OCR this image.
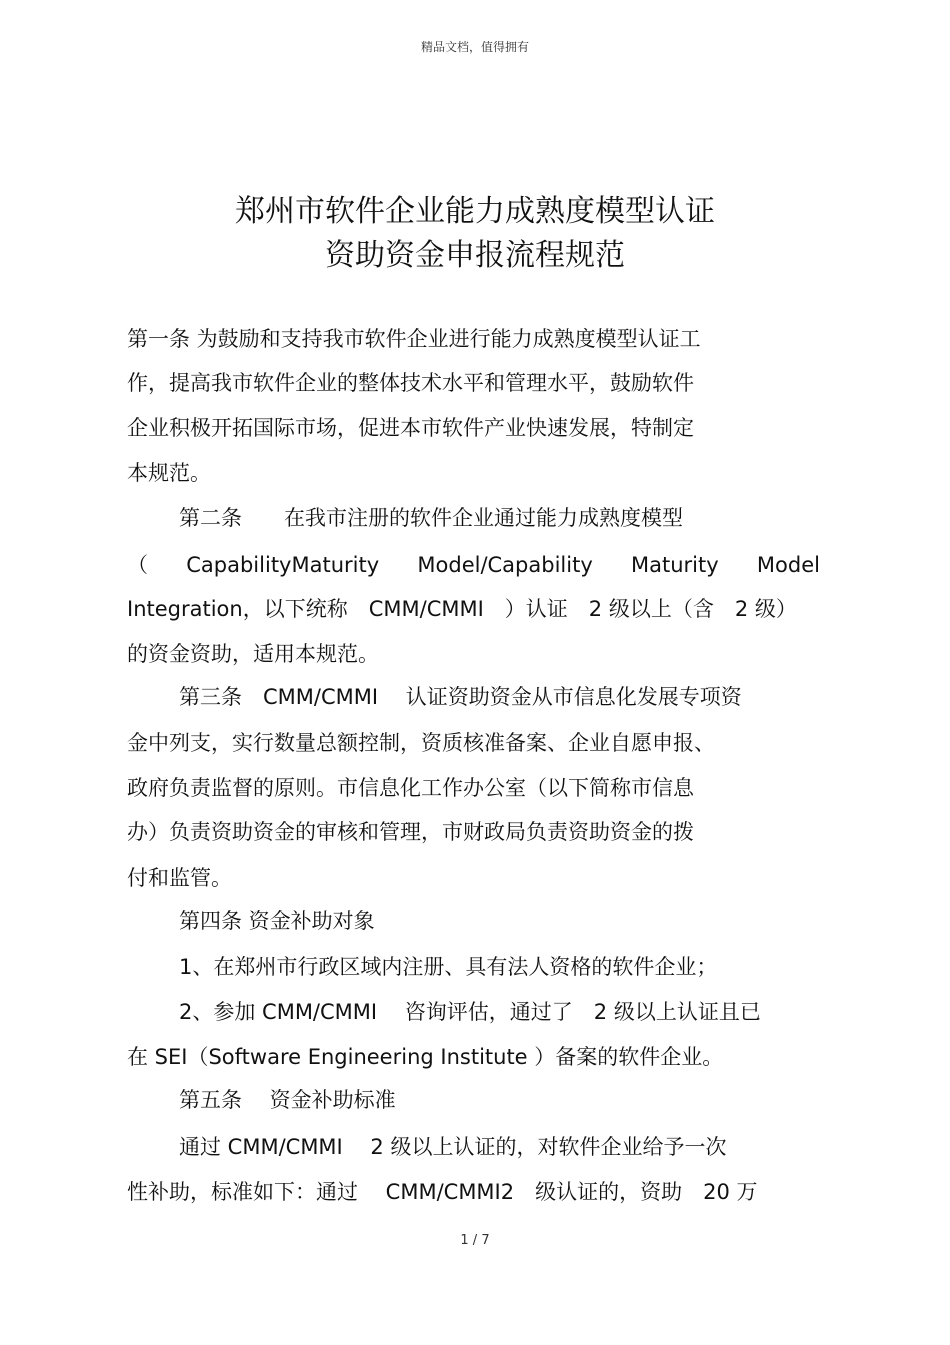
精品文档，值得拥有
郑州市软件企业能力成熟度模型认证
资助资金申报流程规范
第一条 为鼓励和支持我市软件企业进行能力成熟度模型认证工
作，提高我市软件企业的整体技术水平和管理水平，鼓励软件
企业积极开拓国际市场，促进本市软件产业快速发展，特制定
本规范。
第二条　　在我市注册的软件企业通过能力成熟度模型
（ CapabilityMaturity Model/Capability Maturity Model
Integration，以下统称　CMM/CMMI　）认证　2 级以上（含　2 级）
的资金资助，适用本规范。
第三条　CMM/CMMI　 认证资助资金从市信息化发展专项资
金中列支，实行数量总额控制，资质核准备案、企业自愿申报、
政府负责监督的原则。市信息化工作办公室（以下简称市信息
办）负责资助资金的审核和管理，市财政局负责资助资金的拨
付和监管。
第四条 资金补助对象
1、在郑州市行政区域内注册、具有法人资格的软件企业；
2、参加 CMM/CMMI　 咨询评估，通过了　2 级以上认证且已
在 SEI（Software Engineering Institute ）备案的软件企业。
第五条　 资金补助标准
通过 CMM/CMMI　 2 级以上认证的，对软件企业给予一次
性补助，标准如下：通过　 CMM/CMMI2　级认证的，资助　20 万
1 / 7
